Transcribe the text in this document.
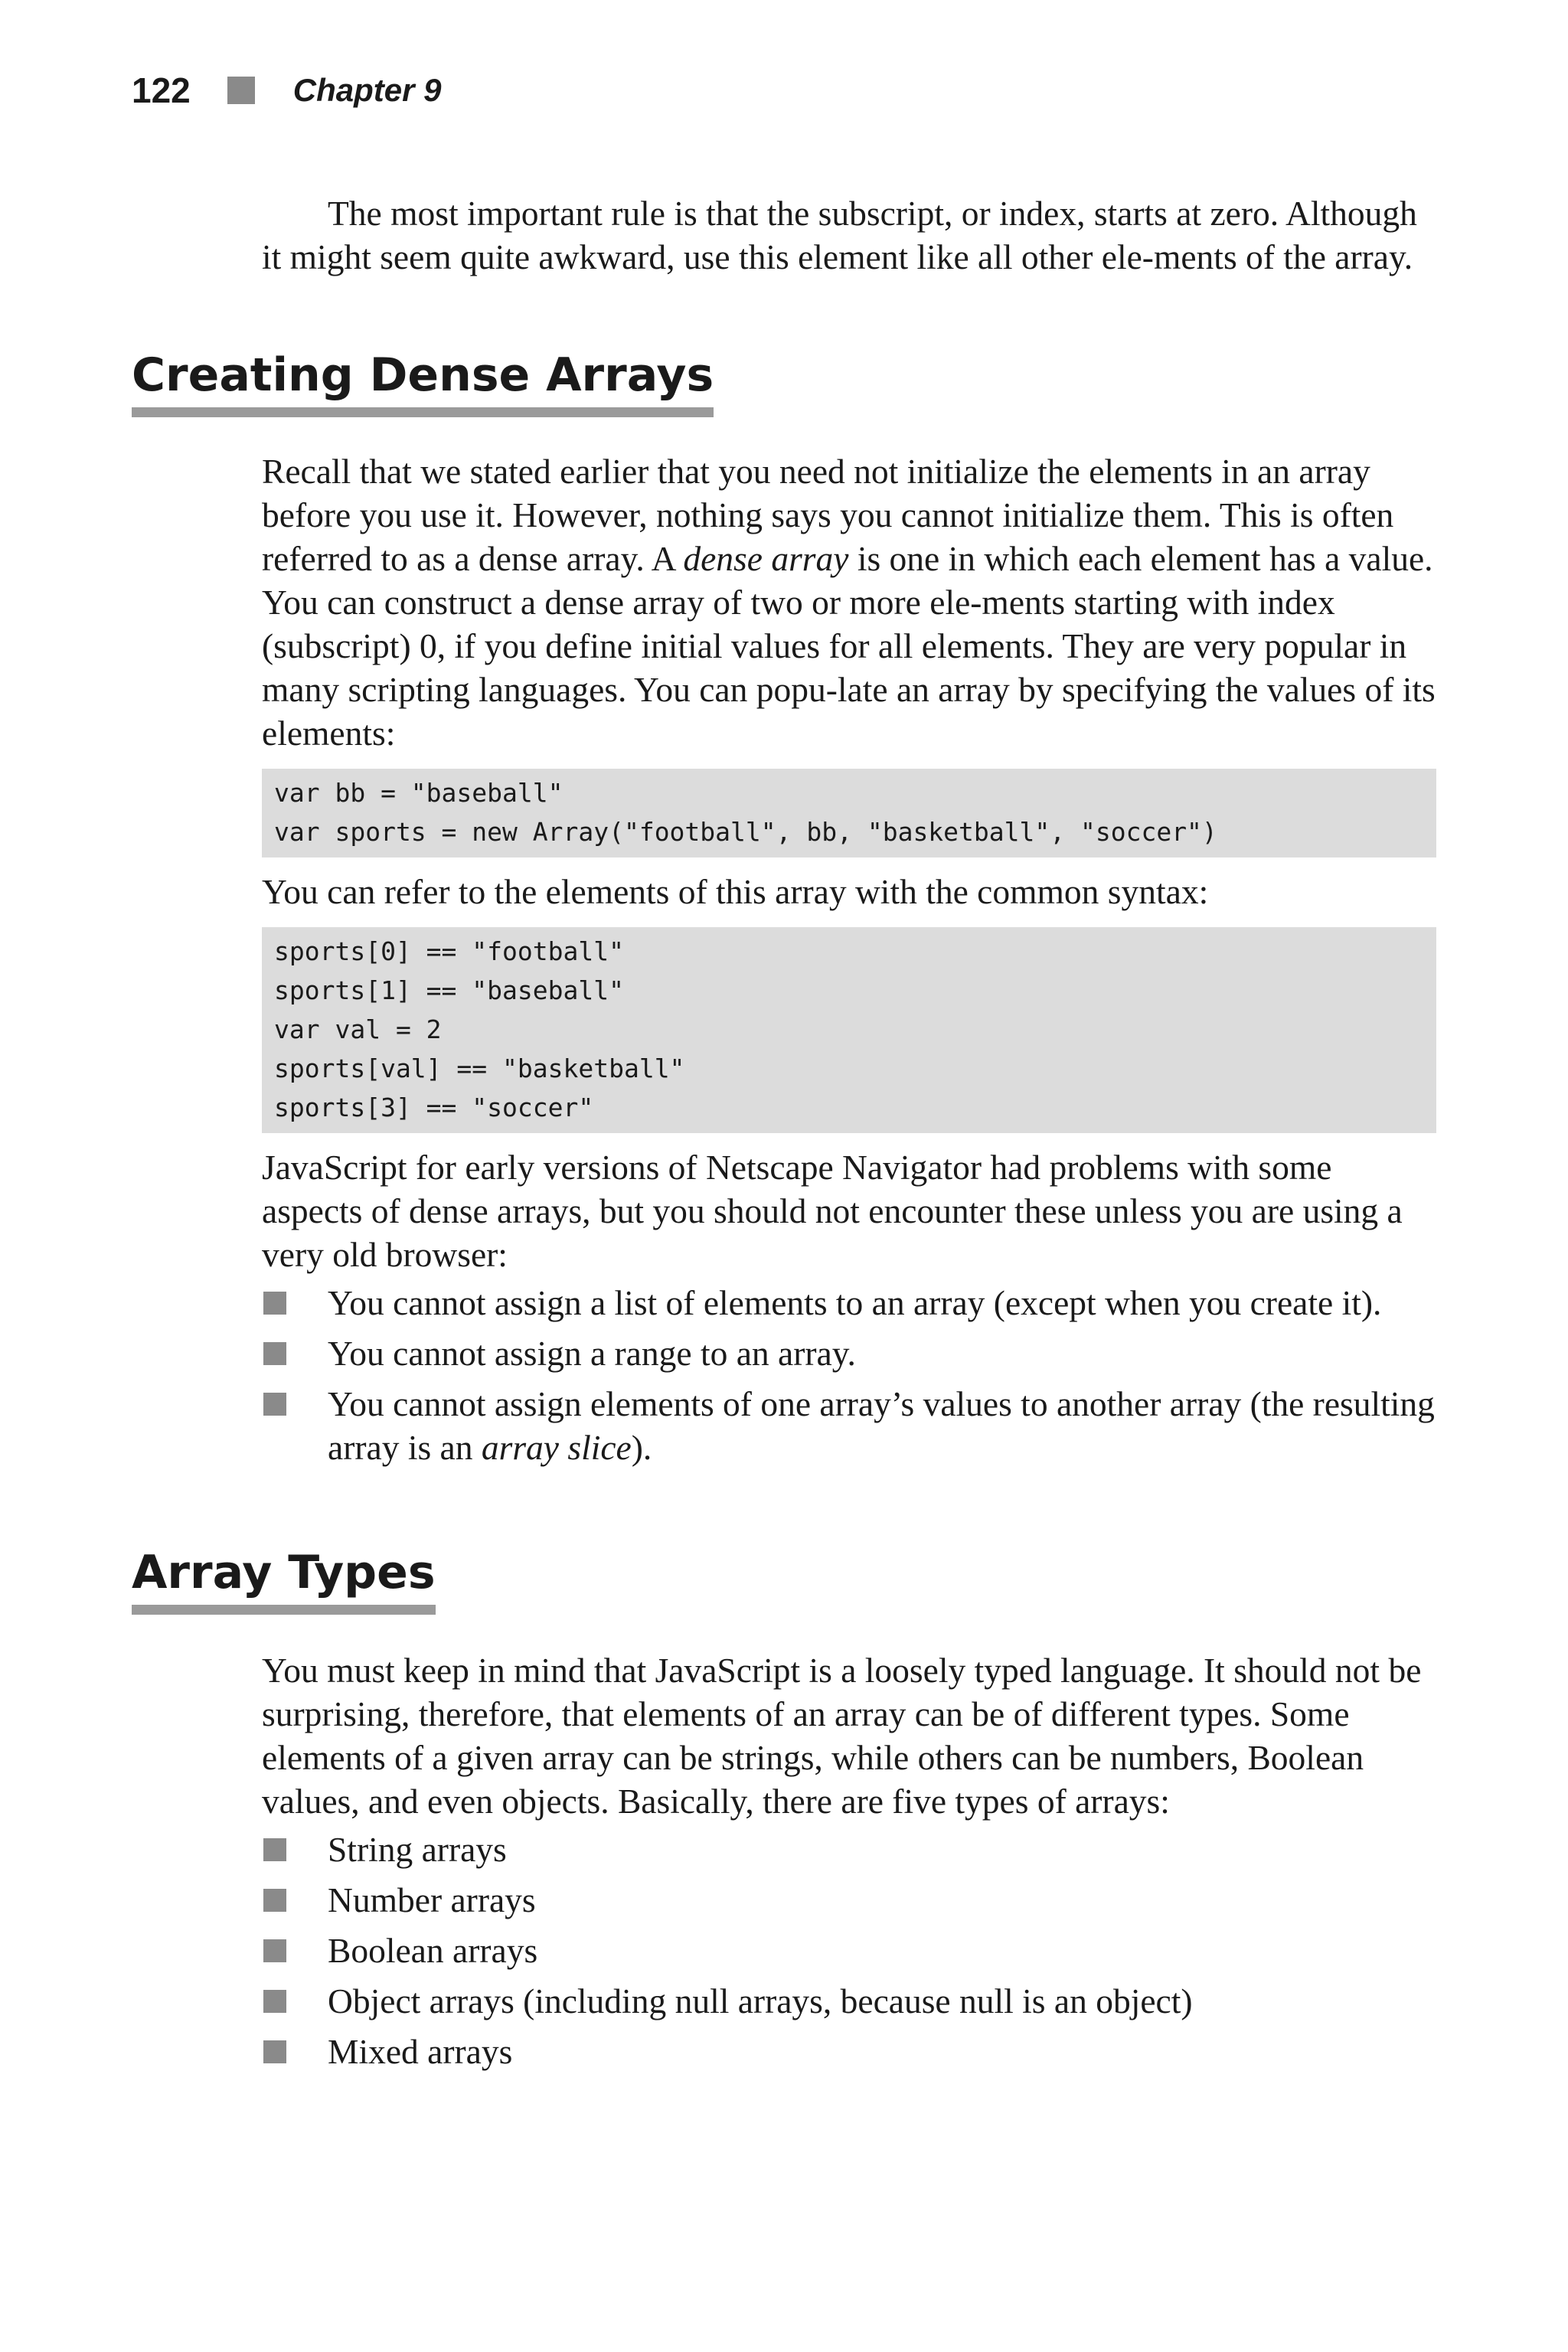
122	Chapter 9

The most important rule is that the subscript, or index, starts at zero. Although it might seem quite awkward, use this element like all other ele-ments of the array.

Creating Dense Arrays

Recall that we stated earlier that you need not initialize the elements in an array before you use it. However, nothing says you cannot initialize them. This is often referred to as a dense array. A dense array is one in which each element has a value. You can construct a dense array of two or more ele-ments starting with index (subscript) 0, if you define initial values for all elements. They are very popular in many scripting languages. You can popu-late an array by specifying the values of its elements:

var bb = "baseball"
var sports = new Array("football", bb, "basketball", "soccer")

You can refer to the elements of this array with the common syntax:

sports[0] == "football"
sports[1] == "baseball"
var val = 2
sports[val] == "basketball"
sports[3] == "soccer"

JavaScript for early versions of Netscape Navigator had problems with some aspects of dense arrays, but you should not encounter these unless you are using a very old browser:

You cannot assign a list of elements to an array (except when you create it).
You cannot assign a range to an array.
You cannot assign elements of one array’s values to another array (the resulting array is an array slice).
Array Types

You must keep in mind that JavaScript is a loosely typed language. It should not be surprising, therefore, that elements of an array can be of different types. Some elements of a given array can be strings, while others can be numbers, Boolean values, and even objects. Basically, there are five types of arrays:

String arrays
Number arrays
Boolean arrays
Object arrays (including null arrays, because null is an object)
Mixed arrays
